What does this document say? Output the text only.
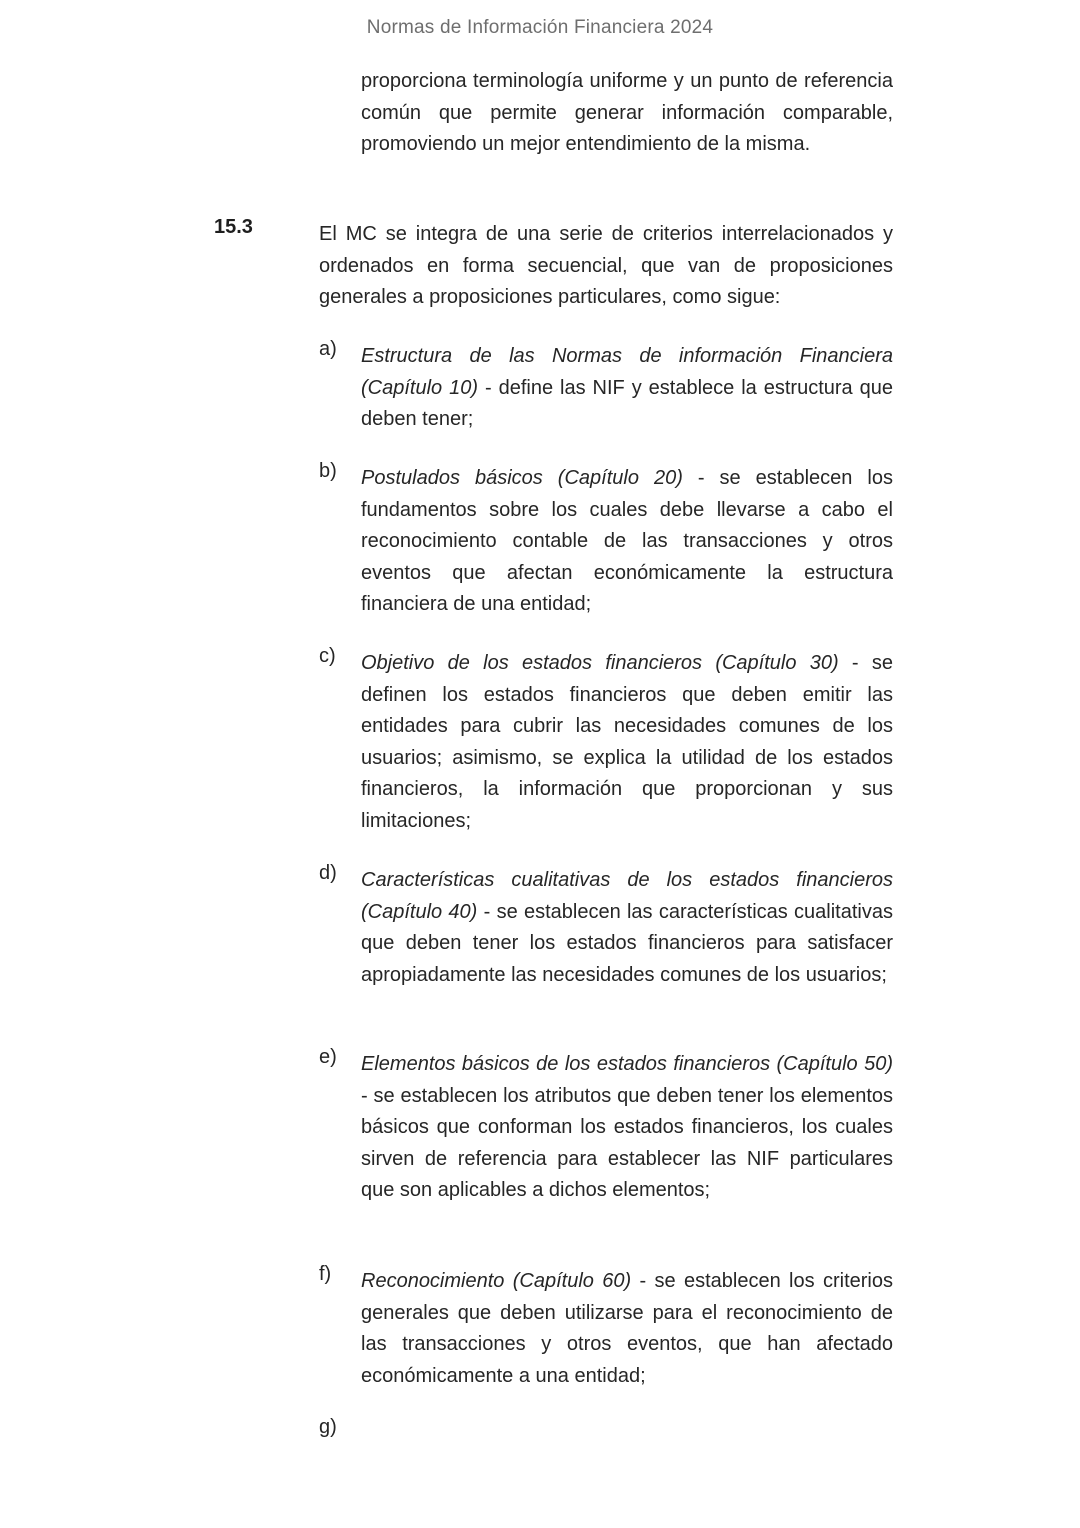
Normas de Información Financiera 2024

proporciona terminología uniforme y un punto de referencia común que permite generar información comparable, promoviendo un mejor entendimiento de la misma.

15.3	El MC se integra de una serie de criterios interrelacionados y ordenados en forma secuencial, que van de proposiciones generales a proposiciones particulares, como sigue:

a) Estructura de las Normas de información Financiera (Capítulo 10) - define las NIF y establece la estructura que deben tener;

b) Postulados básicos (Capítulo 20) - se establecen los fundamentos sobre los cuales debe llevarse a cabo el reconocimiento contable de las transacciones y otros eventos que afectan económicamente la estructura financiera de una entidad;

c) Objetivo de los estados financieros (Capítulo 30) - se definen los estados financieros que deben emitir las entidades para cubrir las necesidades comunes de los usuarios; asimismo, se explica la utilidad de los estados financieros, la información que proporcionan y sus limitaciones;

d) Características cualitativas de los estados financieros (Capítulo 40) - se establecen las características cualitativas que deben tener los estados financieros para satisfacer apropiadamente las necesidades comunes de los usuarios;

e) Elementos básicos de los estados financieros (Capítulo 50) - se establecen los atributos que deben tener los elementos básicos que conforman los estados financieros, los cuales sirven de referencia para establecer las NIF particulares que son aplicables a dichos elementos;

f) Reconocimiento (Capítulo 60) - se establecen los criterios generales que deben utilizarse para el reconocimiento de las transacciones y otros eventos, que han afectado económicamente a una entidad;

g)
